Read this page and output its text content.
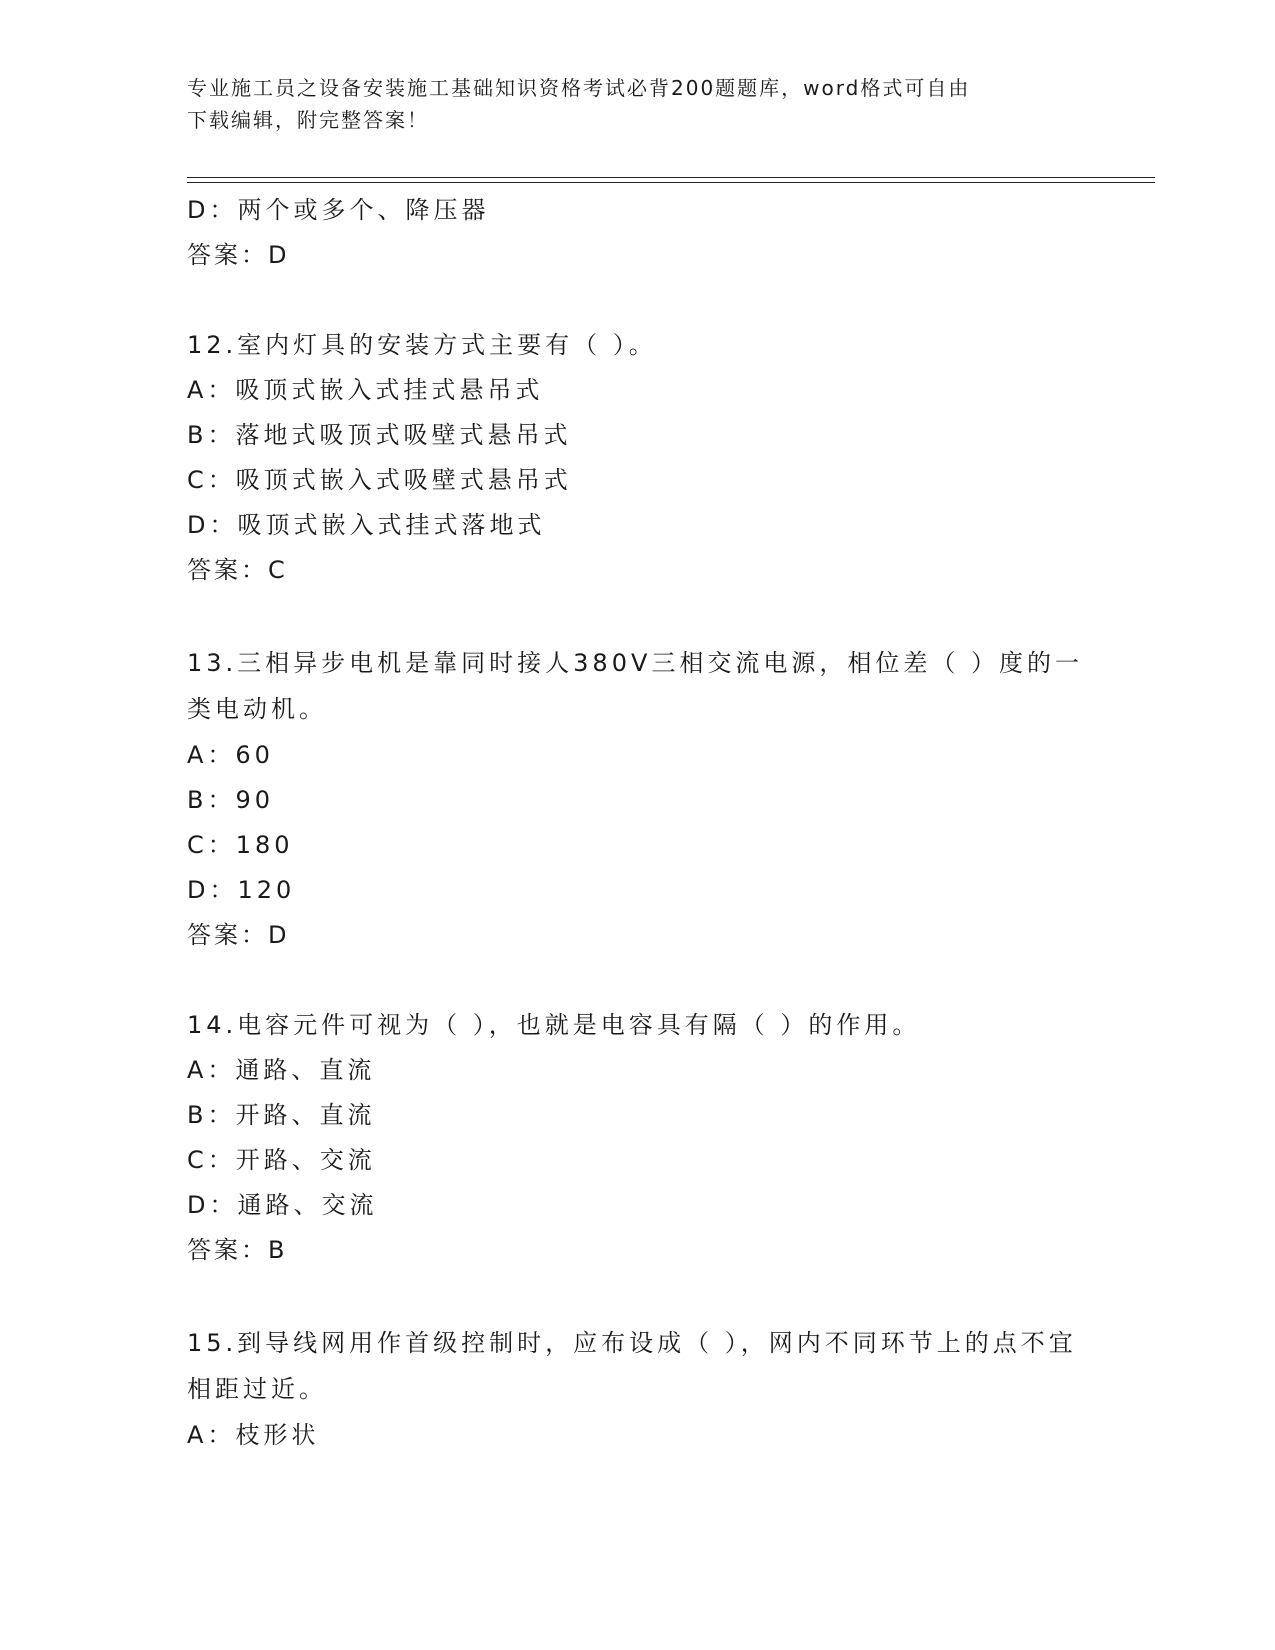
专业施工员之设备安装施工基础知识资格考试必背200题题库，word格式可自由
下载编辑，附完整答案！
D：两个或多个、降压器
答案：D
12.室内灯具的安装方式主要有（ ）。
A：吸顶式嵌入式挂式悬吊式
B：落地式吸顶式吸壁式悬吊式
C：吸顶式嵌入式吸壁式悬吊式
D：吸顶式嵌入式挂式落地式
答案：C
13.三相异步电机是靠同时接人380V三相交流电源，相位差（ ）度的一类电动机。
A：60
B：90
C：180
D：120
答案：D
14.电容元件可视为（ ），也就是电容具有隔（ ）的作用。
A：通路、直流
B：开路、直流
C：开路、交流
D：通路、交流
答案：B
15.到导线网用作首级控制时，应布设成（ ），网内不同环节上的点不宜相距过近。
A：枝形状
